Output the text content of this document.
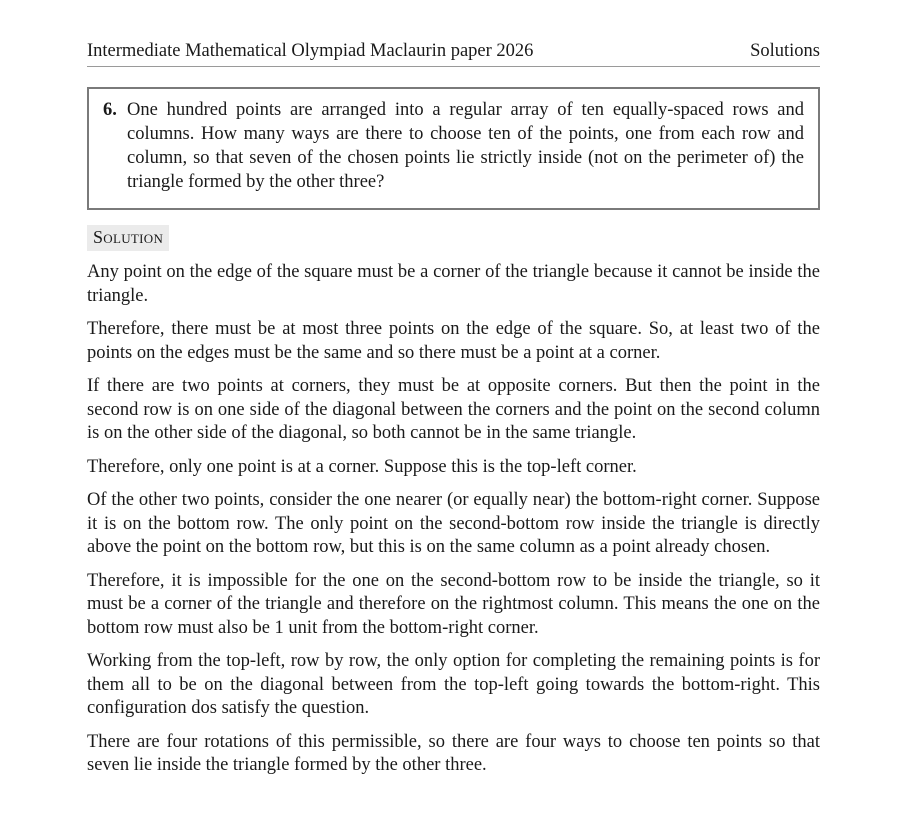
Intermediate Mathematical Olympiad Maclaurin paper 2026	Solutions
6. One hundred points are arranged into a regular array of ten equally-spaced rows and columns. How many ways are there to choose ten of the points, one from each row and column, so that seven of the chosen points lie strictly inside (not on the perimeter of) the triangle formed by the other three?
Solution

Any point on the edge of the square must be a corner of the triangle because it cannot be inside the triangle.

Therefore, there must be at most three points on the edge of the square. So, at least two of the points on the edges must be the same and so there must be a point at a corner.

If there are two points at corners, they must be at opposite corners. But then the point in the second row is on one side of the diagonal between the corners and the point on the second column is on the other side of the diagonal, so both cannot be in the same triangle.

Therefore, only one point is at a corner. Suppose this is the top-left corner.

Of the other two points, consider the one nearer (or equally near) the bottom-right corner. Suppose it is on the bottom row. The only point on the second-bottom row inside the triangle is directly above the point on the bottom row, but this is on the same column as a point already chosen.

Therefore, it is impossible for the one on the second-bottom row to be inside the triangle, so it must be a corner of the triangle and therefore on the rightmost column. This means the one on the bottom row must also be 1 unit from the bottom-right corner.

Working from the top-left, row by row, the only option for completing the remaining points is for them all to be on the diagonal between from the top-left going towards the bottom-right. This configuration dos satisfy the question.

There are four rotations of this permissible, so there are four ways to choose ten points so that seven lie inside the triangle formed by the other three.
